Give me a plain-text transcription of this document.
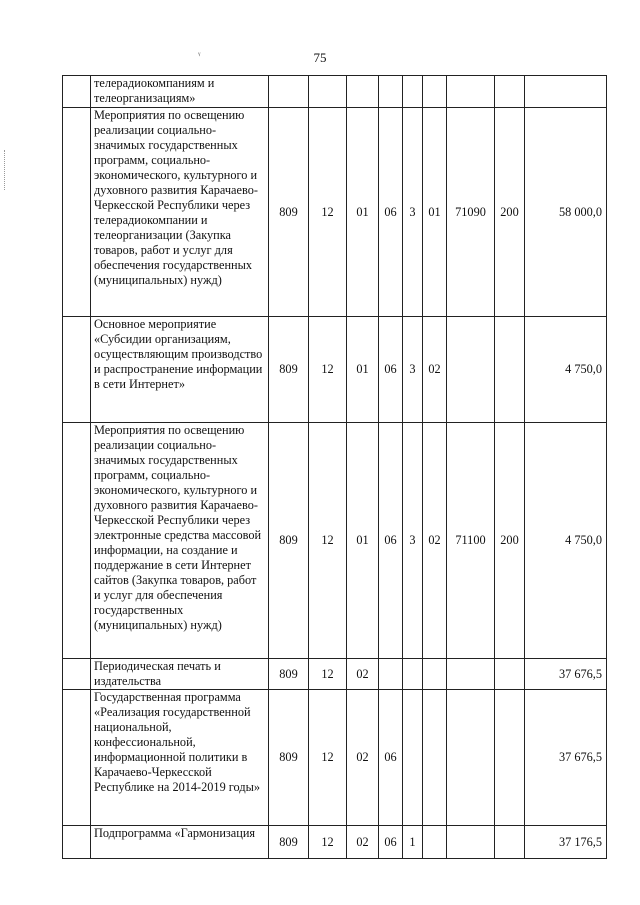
ᵧ	75
	телерадиокомпаниям и
телеорганизациям»									
	Мероприятия по освещению реализации социально-значимых государственных программ, социально-экономического, культурного и духовного развития Карачаево-Черкесской Республики через телерадиокомпании и телеорганизации (Закупка товаров, работ и услуг для обеспечения государственных (муниципальных) нужд)	809	12	01	06	3	01	71090	200	58 000,0
	Основное мероприятие «Субсидии организациям, осуществляющим производство и распространение информации в сети Интернет»	809	12	01	06	3	02			4 750,0
	Мероприятия по освещению реализации социально-значимых государственных программ, социально-экономического, культурного и духовного развития Карачаево-Черкесской Республики через электронные средства массовой информации, на создание и поддержание в сети Интернет сайтов (Закупка товаров, работ и услуг для обеспечения государственных (муниципальных) нужд)	809	12	01	06	3	02	71100	200	4 750,0
	Периодическая печать и издательства	809	12	02						37 676,5
	Государственная программа «Реализация государственной национальной, конфессиональной, информационной политики в Карачаево-Черкесской Республике на 2014-2019 годы»	809	12	02	06					37 676,5
	Подпрограмма «Гармонизация	809	12	02	06	1				37 176,5
